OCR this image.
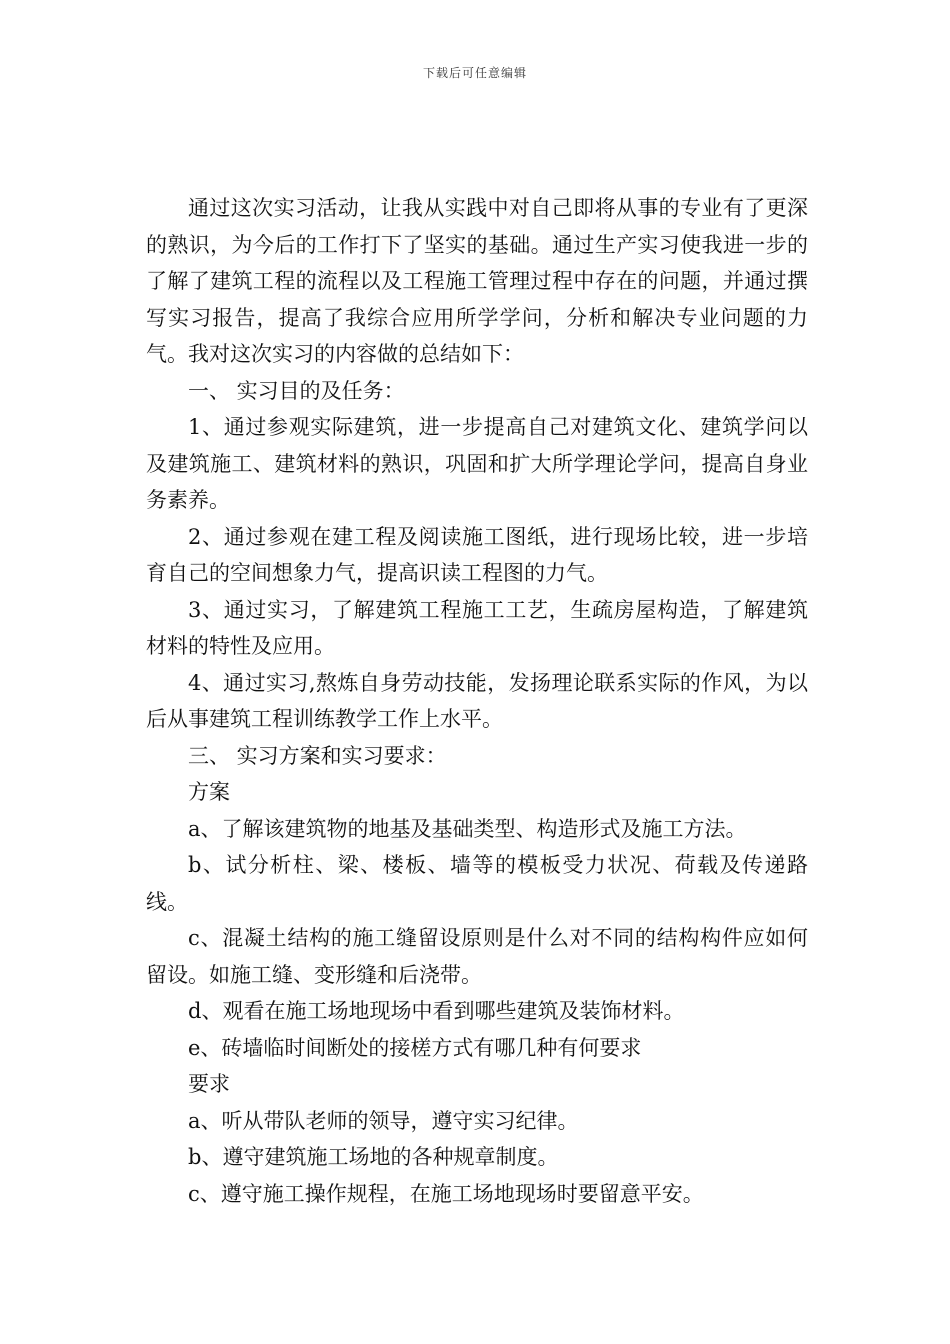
下载后可任意编辑

通过这次实习活动，让我从实践中对自己即将从事的专业有了更深的熟识，为今后的工作打下了坚实的基础。通过生产实习使我进一步的了解了建筑工程的流程以及工程施工管理过程中存在的问题，并通过撰写实习报告，提高了我综合应用所学学问，分析和解决专业问题的力气。我对这次实习的内容做的总结如下：

一、 实习目的及任务：

1、通过参观实际建筑，进一步提高自己对建筑文化、建筑学问以及建筑施工、建筑材料的熟识，巩固和扩大所学理论学问，提高自身业务素养。

2、通过参观在建工程及阅读施工图纸，进行现场比较，进一步培育自己的空间想象力气，提高识读工程图的力气。

3、通过实习，了解建筑工程施工工艺，生疏房屋构造，了解建筑材料的特性及应用。

4、通过实习,熬炼自身劳动技能，发扬理论联系实际的作风，为以后从事建筑工程训练教学工作上水平。

三、 实习方案和实习要求：

方案

a、了解该建筑物的地基及基础类型、构造形式及施工方法。

b、试分析柱、梁、楼板、墙等的模板受力状况、荷载及传递路线。

c、混凝土结构的施工缝留设原则是什么对不同的结构构件应如何留设。如施工缝、变形缝和后浇带。

d、观看在施工场地现场中看到哪些建筑及装饰材料。

e、砖墙临时间断处的接槎方式有哪几种有何要求

要求

a、听从带队老师的领导，遵守实习纪律。

b、遵守建筑施工场地的各种规章制度。

c、遵守施工操作规程，在施工场地现场时要留意平安。
